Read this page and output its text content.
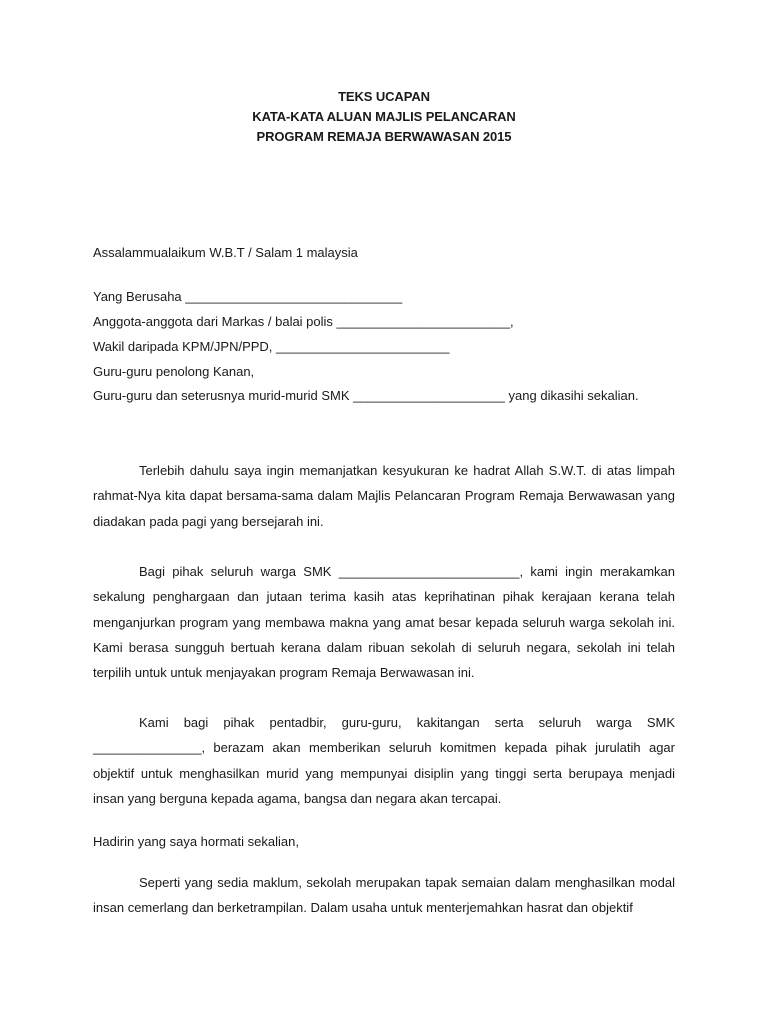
TEKS UCAPAN
KATA-KATA ALUAN MAJLIS PELANCARAN
PROGRAM REMAJA BERWAWASAN 2015
Assalammualaikum W.B.T / Salam 1 malaysia
Yang Berusaha ______________________________
Anggota-anggota dari Markas / balai polis ________________________,
Wakil daripada KPM/JPN/PPD, ________________________
Guru-guru penolong Kanan,
Guru-guru dan seterusnya murid-murid SMK _____________________ yang dikasihi sekalian.

Terlebih dahulu saya ingin memanjatkan kesyukuran ke hadrat Allah S.W.T. di atas limpah rahmat-Nya kita dapat bersama-sama dalam Majlis Pelancaran Program Remaja Berwawasan yang diadakan pada pagi yang bersejarah ini.

Bagi pihak seluruh warga SMK _________________________, kami ingin merakamkan sekalung penghargaan dan jutaan terima kasih atas keprihatinan pihak kerajaan kerana telah menganjurkan program yang membawa makna yang amat besar kepada seluruh warga sekolah ini. Kami berasa sungguh bertuah kerana dalam ribuan sekolah di seluruh negara, sekolah ini telah terpilih untuk untuk menjayakan program Remaja Berwawasan ini.

Kami bagi pihak pentadbir, guru-guru, kakitangan serta seluruh warga SMK _______________, berazam akan memberikan seluruh komitmen kepada pihak jurulatih agar objektif untuk menghasilkan murid yang mempunyai disiplin yang tinggi serta berupaya menjadi insan yang berguna kepada agama, bangsa dan negara akan tercapai.

Hadirin yang saya hormati sekalian,

Seperti yang sedia maklum, sekolah merupakan tapak semaian dalam menghasilkan modal insan cemerlang dan berketrampilan. Dalam usaha untuk menterjemahkan hasrat dan objektif
